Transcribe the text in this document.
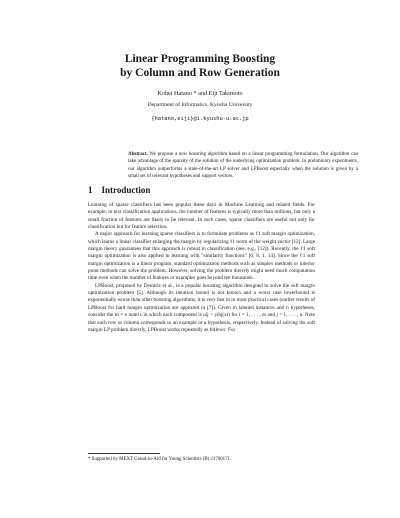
Linear Programming Boosting
by Column and Row Generation
Kohei Hatano * and Eiji Takimoto
Department of Informatics, Kyushu University
{hatano,eiji}@i.kyushu-u.ac.jp
Abstract. We propose a new boosting algorithm based on a linear programming formulation. Our algorithm can take advantage of the sparsity of the solution of the underlying optimization problem. In preliminary experiments, our algorithm outperforms a state-of-the-art LP solver and LPBoost especially when the solution is given by a small set of relevant hypotheses and support vectors.
1 Introduction

Learning of sparse classifiers has been popular these days in Machine Learning and related fields. For example, in text classification applications, the number of features is typically more than millions, but only a small fraction of features are likely to be relevant. In such cases, sparse classifiers are useful not only for classification but for feature selection.

A major approach for learning sparse classifiers is to formulate problems as ℓ1 soft margin optimization, which learns a linear classifier enlarging the margin by regularizing ℓ1 norm of the weight vector [12]. Large margin theory guarantees that this approach is robust in classification (see, e.g., [12]). Recently, the ℓ1 soft margin optimization is also applied in learning with "similarity functions" [6, 8, 1, 14]. Since the ℓ1 soft margin optimization is a linear program, standard optimization methods such as simplex methods or interior point methods can solve the problem. However, solving the problem directly might need much computation time even when the number of features or examples goes beyond ten thousands.

LPBoost, proposed by Demiriz et al., is a popular boosting algorithm designed to solve the soft margin optimization problem [5]. Although its iteration bound is not known and a worst case lowerbound is exponentially worse than other boosting algorithms, it is very fast in in most practical cases (earlier results of LPBoost for hard margin optimization are appeared in [7]). Given m labeled instances and n hypotheses, consider the m × n matrix in which each component is uij = yihj(xi) for i = 1, . . . , m and j = 1, . . . , n. Note that each row or column corresponds to an example or a hypothesis, respectively. Instead of solving the soft margin LP problem directly, LPBoost works repeatedly as follows: For

* Supported by MEXT Grand-in-Aid for Young Scientists (B) 21700171.
